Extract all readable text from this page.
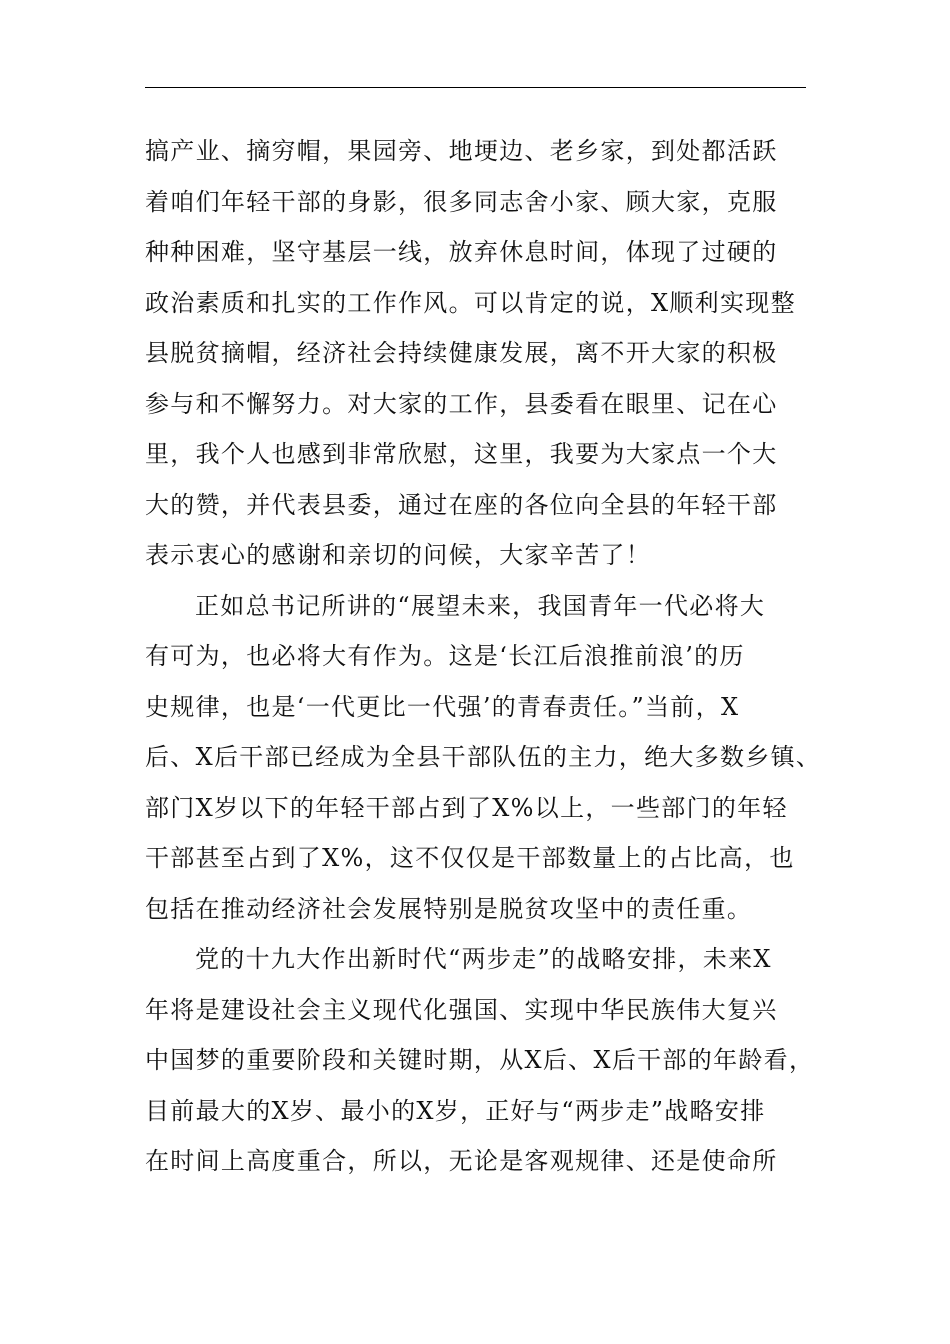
搞产业、摘穷帽，果园旁、地埂边、老乡家，到处都活跃
着咱们年轻干部的身影，很多同志舍小家、顾大家，克服
种种困难，坚守基层一线，放弃休息时间，体现了过硬的
政治素质和扎实的工作作风。可以肯定的说，X顺利实现整
县脱贫摘帽，经济社会持续健康发展，离不开大家的积极
参与和不懈努力。对大家的工作，县委看在眼里、记在心
里，我个人也感到非常欣慰，这里，我要为大家点一个大
大的赞，并代表县委，通过在座的各位向全县的年轻干部
表示衷心的感谢和亲切的问候，大家辛苦了！
正如总书记所讲的“展望未来，我国青年一代必将大
有可为，也必将大有作为。这是‘长江后浪推前浪’的历
史规律，也是‘一代更比一代强’的青春责任。”当前，X
后、X后干部已经成为全县干部队伍的主力，绝大多数乡镇、
部门X岁以下的年轻干部占到了X%以上，一些部门的年轻
干部甚至占到了X%，这不仅仅是干部数量上的占比高，也
包括在推动经济社会发展特别是脱贫攻坚中的责任重。
党的十九大作出新时代“两步走”的战略安排，未来X
年将是建设社会主义现代化强国、实现中华民族伟大复兴
中国梦的重要阶段和关键时期，从X后、X后干部的年龄看，
目前最大的X岁、最小的X岁，正好与“两步走”战略安排
在时间上高度重合，所以，无论是客观规律、还是使命所
